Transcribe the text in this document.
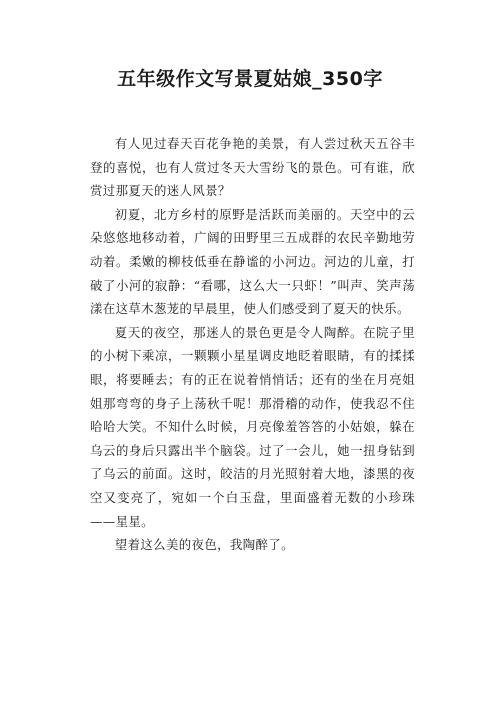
五年级作文写景夏姑娘_350字

有人见过春天百花争艳的美景，有人尝过秋天五谷丰登的喜悦，也有人赏过冬天大雪纷飞的景色。可有谁，欣赏过那夏天的迷人风景？

初夏，北方乡村的原野是活跃而美丽的。天空中的云朵悠悠地移动着，广阔的田野里三五成群的农民辛勤地劳动着。柔嫩的柳枝低垂在静谧的小河边。河边的儿童，打破了小河的寂静：“看哪，这么大一只虾！”叫声、笑声荡漾在这草木葱茏的早晨里，使人们感受到了夏天的快乐。

夏天的夜空，那迷人的景色更是令人陶醉。在院子里的小树下乘凉，一颗颗小星星调皮地眨着眼睛，有的揉揉眼，将要睡去；有的正在说着悄悄话；还有的坐在月亮姐姐那弯弯的身子上荡秋千呢！那滑稽的动作，使我忍不住哈哈大笑。不知什么时候，月亮像羞答答的小姑娘，躲在乌云的身后只露出半个脑袋。过了一会儿，她一扭身钻到了乌云的前面。这时，皎洁的月光照射着大地，漆黑的夜空又变亮了，宛如一个白玉盘，里面盛着无数的小珍珠——星星。

望着这么美的夜色，我陶醉了。
